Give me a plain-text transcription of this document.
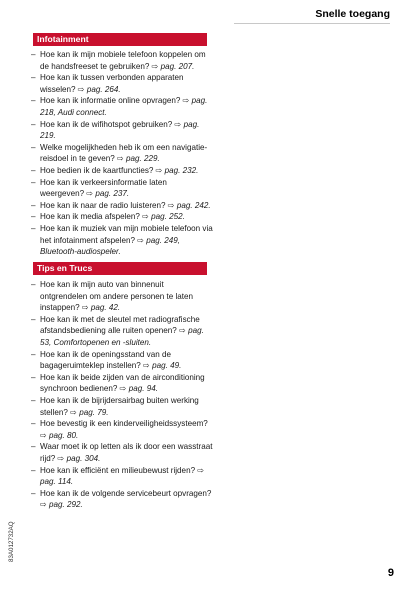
Snelle toegang
Infotainment
– Hoe kan ik mijn mobiele telefoon koppelen om de handsfreeset te gebruiken? ⇨ pag. 207.
– Hoe kan ik tussen verbonden apparaten wisselen? ⇨ pag. 264.
– Hoe kan ik informatie online opvragen? ⇨ pag. 218, Audi connect.
– Hoe kan ik de wifihotspot gebruiken? ⇨ pag. 219.
– Welke mogelijkheden heb ik om een navigatie-reisdoel in te geven? ⇨ pag. 229.
– Hoe bedien ik de kaartfuncties? ⇨ pag. 232.
– Hoe kan ik verkeersinformatie laten weergeven? ⇨ pag. 237.
– Hoe kan ik naar de radio luisteren? ⇨ pag. 242.
– Hoe kan ik media afspelen? ⇨ pag. 252.
– Hoe kan ik muziek van mijn mobiele telefoon via het infotainment afspelen? ⇨ pag. 249, Bluetooth-audiospeler.
Tips en Trucs
– Hoe kan ik mijn auto van binnenuit ontgrendelen om andere personen te laten instappen? ⇨ pag. 42.
– Hoe kan ik met de sleutel met radiografische afstandsbediening alle ruiten openen? ⇨ pag. 53, Comfortopenen en -sluiten.
– Hoe kan ik de openingsstand van de bagageruimteklep instellen? ⇨ pag. 49.
– Hoe kan ik beide zijden van de airconditioning synchroon bedienen? ⇨ pag. 94.
– Hoe kan ik de bijrijdersairbag buiten werking stellen? ⇨ pag. 79.
– Hoe bevestig ik een kinderveiligheidssysteem? ⇨ pag. 80.
– Waar moet ik op letten als ik door een wasstraat rijd? ⇨ pag. 304.
– Hoe kan ik efficiënt en milieubewust rijden? ⇨ pag. 114.
– Hoe kan ik de volgende servicebeurt opvragen? ⇨ pag. 292.
83A012732AQ
9
